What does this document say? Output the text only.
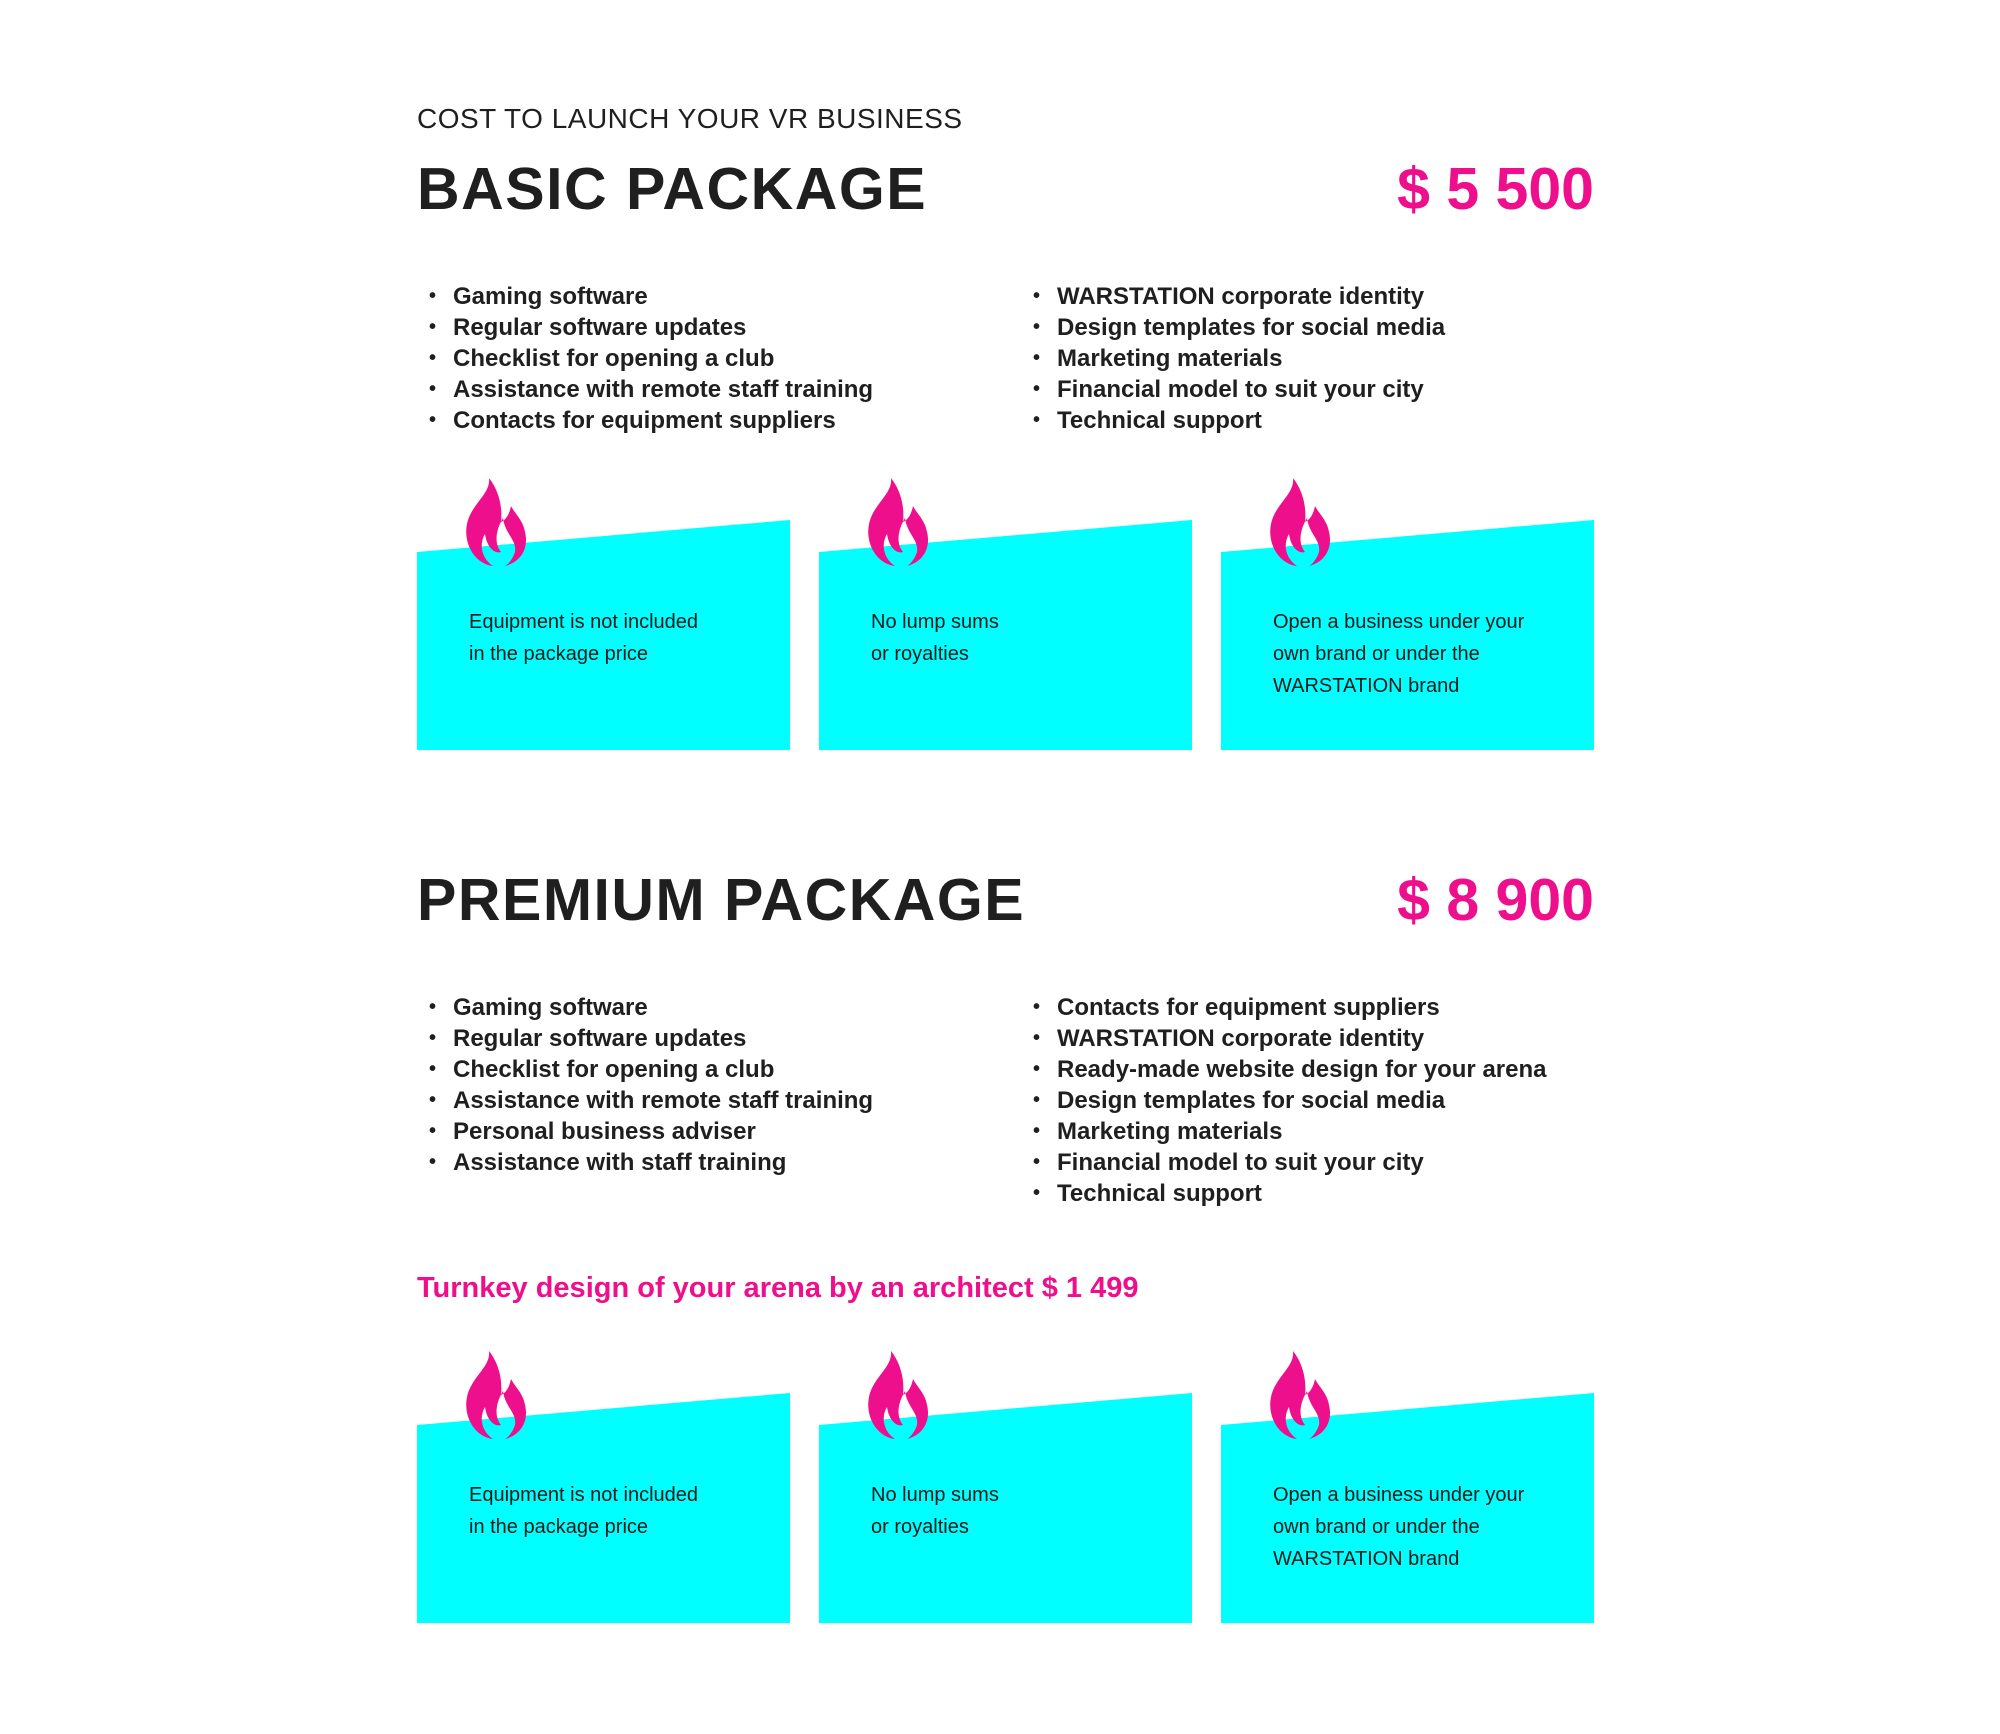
COST TO LAUNCH YOUR VR BUSINESS
BASIC PACKAGE	$ 5 500
• Gaming software
• Regular software updates
• Checklist for opening a club
• Assistance with remote staff training
• Contacts for equipment suppliers
• WARSTATION corporate identity
• Design templates for social media
• Marketing materials
• Financial model to suit your city
• Technical support
Equipment is not included
in the package price
No lump sums
or royalties
Open a business under your
own brand or under the
WARSTATION brand
PREMIUM PACKAGE	$ 8 900
• Gaming software
• Regular software updates
• Checklist for opening a club
• Assistance with remote staff training
• Personal business adviser
• Assistance with staff training
• Contacts for equipment suppliers
• WARSTATION corporate identity
• Ready-made website design for your arena
• Design templates for social media
• Marketing materials
• Financial model to suit your city
• Technical support
Turnkey design of your arena by an architect $ 1 499
Equipment is not included
in the package price
No lump sums
or royalties
Open a business under your
own brand or under the
WARSTATION brand
